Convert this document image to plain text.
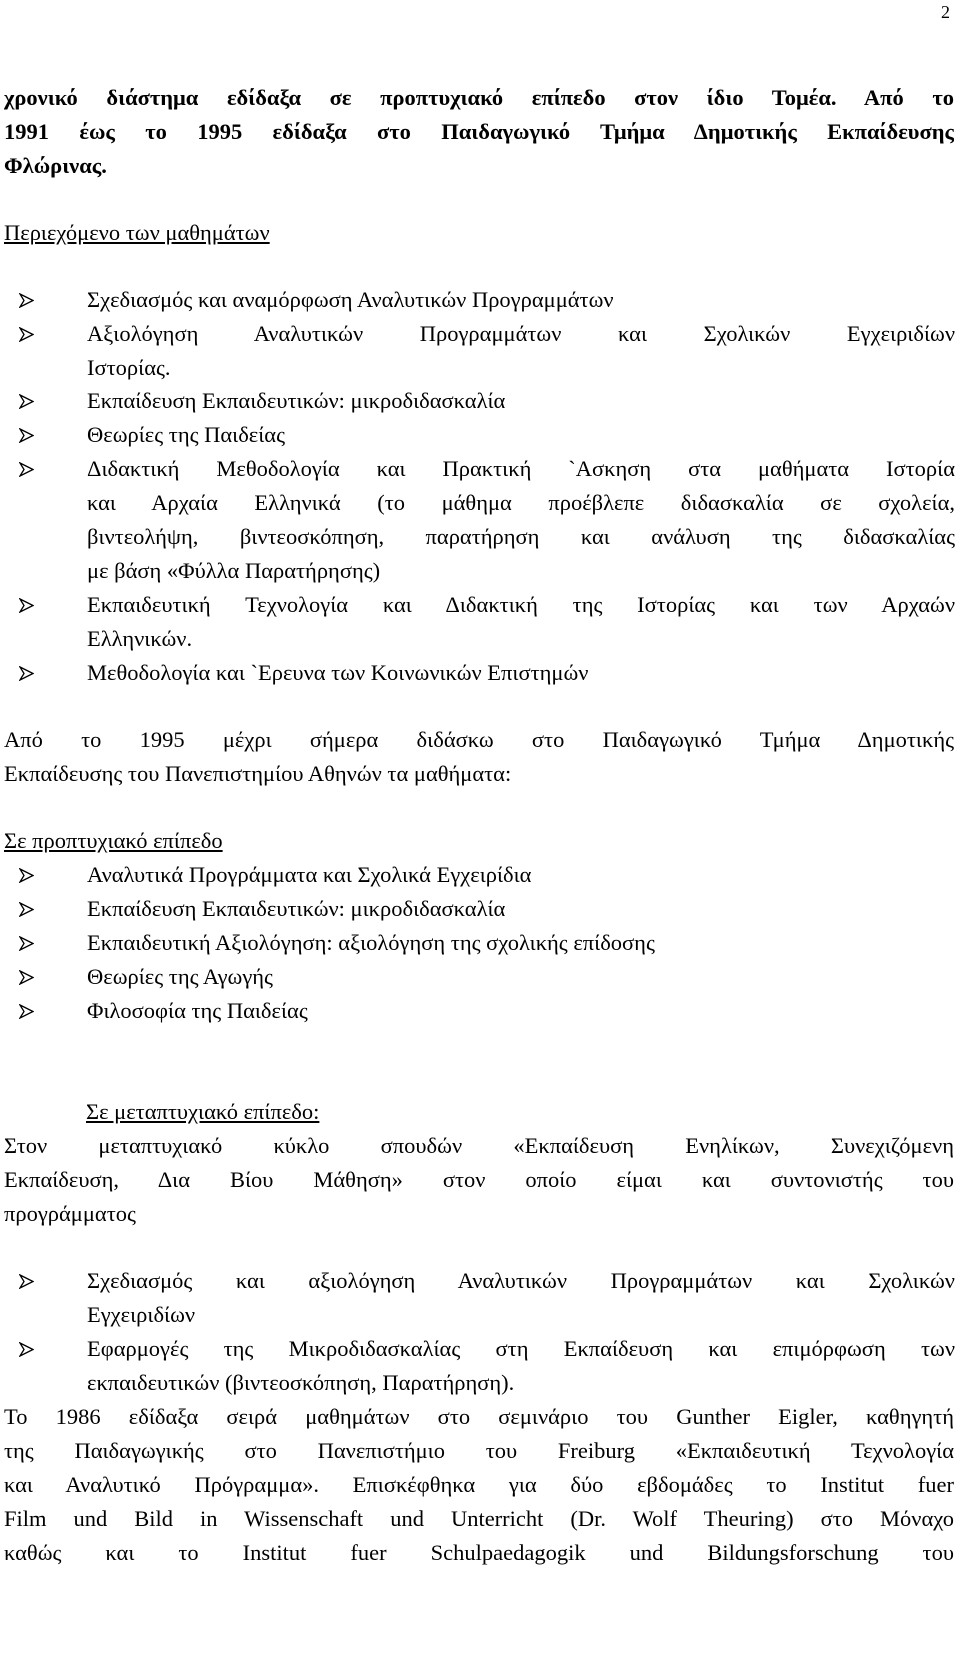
2
χρονικό διάστημα εδίδαξα σε προπτυχιακό επίπεδο στον ίδιο Τομέα. Από το
1991 έως το 1995 εδίδαξα στο Παιδαγωγικό Τμήμα Δημοτικής Εκπαίδευσης
Φλώρινας.
Περιεχόμενο των μαθημάτων
Σχεδιασμός και αναμόρφωση Αναλυτικών Προγραμμάτων
Αξιολόγηση Αναλυτικών Προγραμμάτων και Σχολικών Εγχειριδίων
Ιστορίας.
Εκπαίδευση Εκπαιδευτικών: μικροδιδασκαλία
Θεωρίες της Παιδείας
Διδακτική Μεθοδολογία και Πρακτική `Ασκηση στα μαθήματα Ιστορία
και Αρχαία Ελληνικά (το μάθημα προέβλεπε διδασκαλία σε σχολεία,
βιντεολήψη, βιντεοσκόπηση, παρατήρηση και ανάλυση της διδασκαλίας
με βάση «Φύλλα Παρατήρησης)
Εκπαιδευτική Τεχνολογία και Διδακτική της Ιστορίας και των Αρχαών
Ελληνικών.
Μεθοδολογία και `Ερευνα των Κοινωνικών Επιστημών
Από το 1995 μέχρι σήμερα διδάσκω στο Παιδαγωγικό Τμήμα Δημοτικής
Εκπαίδευσης του Πανεπιστημίου Αθηνών τα μαθήματα:
Σε προπτυχιακό επίπεδο
Αναλυτικά Προγράμματα και Σχολικά Εγχειρίδια
Εκπαίδευση Εκπαιδευτικών: μικροδιδασκαλία
Εκπαιδευτική Αξιολόγηση: αξιολόγηση της σχολικής επίδοσης
Θεωρίες της Αγωγής
Φιλοσοφία της Παιδείας
Σε μεταπτυχιακό επίπεδο:
Στον μεταπτυχιακό κύκλο σπουδών «Εκπαίδευση Ενηλίκων, Συνεχιζόμενη
Εκπαίδευση, Δια Βίου Μάθηση» στον οποίο είμαι και συντονιστής του
προγράμματος
Σχεδιασμός και αξιολόγηση Αναλυτικών Προγραμμάτων και Σχολικών
Εγχειριδίων
Εφαρμογές της Μικροδιδασκαλίας στη Εκπαίδευση και επιμόρφωση των
εκπαιδευτικών (βιντεοσκόπηση, Παρατήρηση).
Το 1986 εδίδαξα σειρά μαθημάτων στο σεμινάριο του Gunther Eigler, καθηγητή
της Παιδαγωγικής στο Πανεπιστήμιο του Freiburg «Εκπαιδευτική Τεχνολογία
και Αναλυτικό Πρόγραμμα». Επισκέφθηκα για δύο εβδομάδες το Institut fuer
Film und Bild in Wissenschaft und Unterricht (Dr. Wolf Theuring) στο Μόναχο
καθώς και το Institut fuer Schulpaedagogik und Bildungsforschung του
